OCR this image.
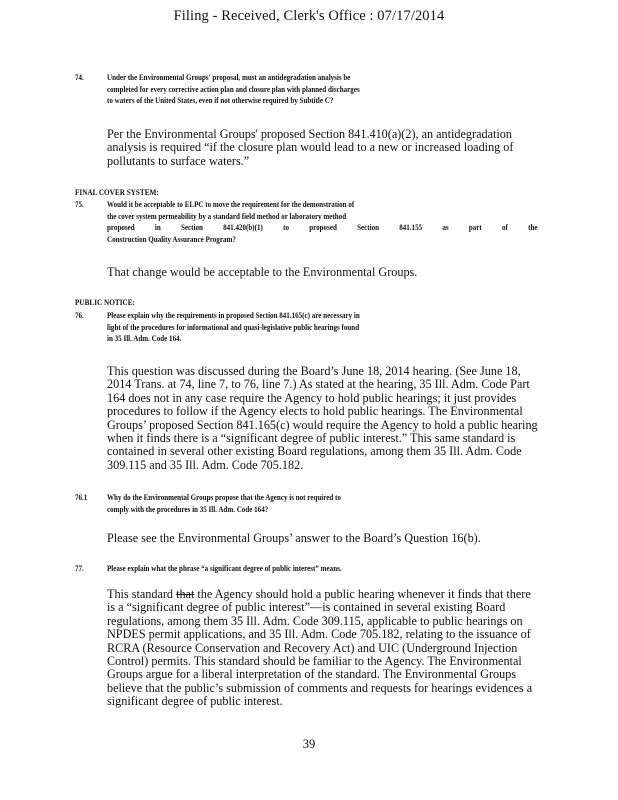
Filing - Received, Clerk's Office : 07/17/2014
74.	Under the Environmental Groups' proposal, must an antidegradation analysis be
completed for every corrective action plan and closure plan with planned discharges
to waters of the United States, even if not otherwise required by Subtitle C?
Per the Environmental Groups' proposed Section 841.410(a)(2), an antidegradation
analysis is required “if the closure plan would lead to a new or increased loading of
pollutants to surface waters.”
FINAL COVER SYSTEM:
75.	Would it be acceptable to ELPC to move the requirement for the demonstration of
the cover system permeability by a standard field method or laboratory method
proposed in Section 841.420(b)(1) to proposed Section 841.155 as part of the
Construction Quality Assurance Program?
That change would be acceptable to the Environmental Groups.
PUBLIC NOTICE:
76.	Please explain why the requirements in proposed Section 841.165(c) are necessary in
light of the procedures for informational and quasi-legislative public hearings found
in 35 Ill. Adm. Code 164.
This question was discussed during the Board’s June 18, 2014 hearing. (See June 18,
2014 Trans. at 74, line 7, to 76, line 7.) As stated at the hearing, 35 Ill. Adm. Code Part
164 does not in any case require the Agency to hold public hearings; it just provides
procedures to follow if the Agency elects to hold public hearings. The Environmental
Groups’ proposed Section 841.165(c) would require the Agency to hold a public hearing
when it finds there is a “significant degree of public interest.” This same standard is
contained in several other existing Board regulations, among them 35 Ill. Adm. Code
309.115 and 35 Ill. Adm. Code 705.182.
76.1 Why do the Environmental Groups propose that the Agency is not required to
comply with the procedures in 35 Ill. Adm. Code 164?
Please see the Environmental Groups’ answer to the Board’s Question 16(b).
77.	Please explain what the phrase “a significant degree of public interest” means.
This standard that the Agency should hold a public hearing whenever it finds that there
is a “significant degree of public interest”—is contained in several existing Board
regulations, among them 35 Ill. Adm. Code 309.115, applicable to public hearings on
NPDES permit applications, and 35 Ill. Adm. Code 705.182, relating to the issuance of
RCRA (Resource Conservation and Recovery Act) and UIC (Underground Injection
Control) permits. This standard should be familiar to the Agency. The Environmental
Groups argue for a liberal interpretation of the standard. The Environmental Groups
believe that the public’s submission of comments and requests for hearings evidences a
significant degree of public interest.
39
